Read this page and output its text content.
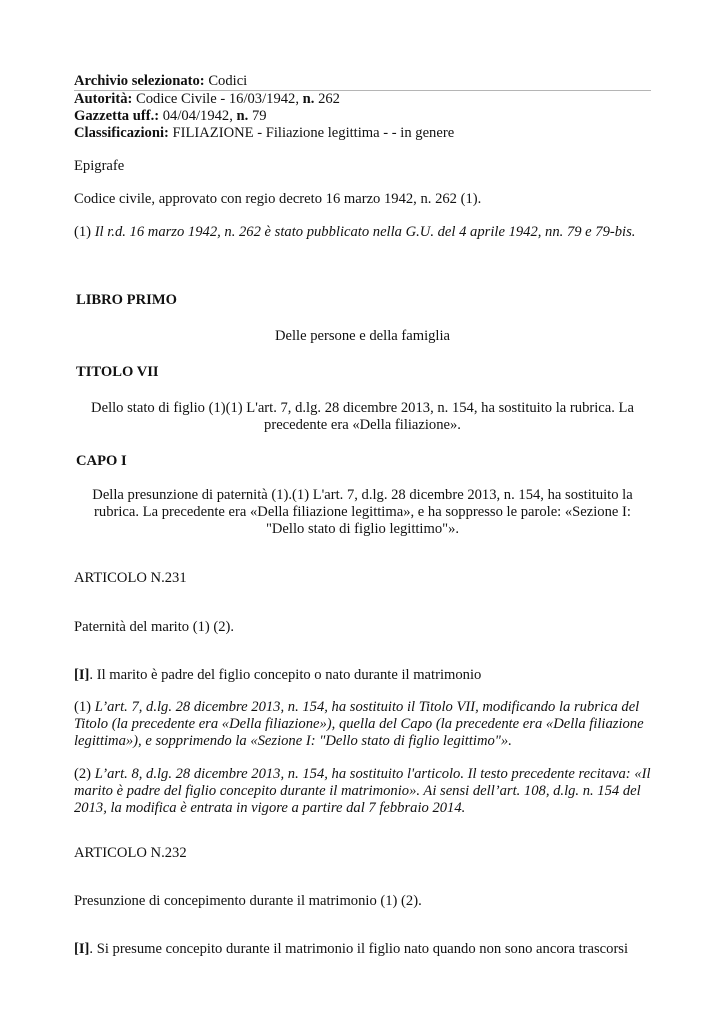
Archivio selezionato: Codici
Autorità: Codice Civile - 16/03/1942, n. 262
Gazzetta uff.: 04/04/1942, n. 79
Classificazioni: FILIAZIONE - Filiazione legittima - - in genere
Epigrafe
Codice civile, approvato con regio decreto 16 marzo 1942, n. 262 (1).
(1) Il r.d. 16 marzo 1942, n. 262 è stato pubblicato nella G.U. del 4 aprile 1942, nn. 79 e 79-bis.
LIBRO PRIMO
Delle persone e della famiglia
TITOLO VII
Dello stato di figlio (1)(1) L'art. 7, d.lg. 28 dicembre 2013, n. 154, ha sostituito la rubrica. La precedente era «Della filiazione».
CAPO I
Della presunzione di paternità (1).(1) L'art. 7, d.lg. 28 dicembre 2013, n. 154, ha sostituito la rubrica. La precedente era «Della filiazione legittima», e ha soppresso le parole: «Sezione I: "Dello stato di figlio legittimo"».
ARTICOLO N.231
Paternità del marito (1) (2).
[I]. Il marito è padre del figlio concepito o nato durante il matrimonio
(1) L’art. 7, d.lg. 28 dicembre 2013, n. 154, ha sostituito il Titolo VII, modificando la rubrica del Titolo (la precedente era «Della filiazione»), quella del Capo (la precedente era «Della filiazione legittima»), e sopprimendo la «Sezione I: "Dello stato di figlio legittimo"».
(2) L’art. 8, d.lg. 28 dicembre 2013, n. 154, ha sostituito l'articolo. Il testo precedente recitava: «Il marito è padre del figlio concepito durante il matrimonio». Ai sensi dell’art. 108, d.lg. n. 154 del 2013, la modifica è entrata in vigore a partire dal 7 febbraio 2014.
ARTICOLO N.232
Presunzione di concepimento durante il matrimonio (1) (2).
[I]. Si presume concepito durante il matrimonio il figlio nato quando non sono ancora trascorsi
